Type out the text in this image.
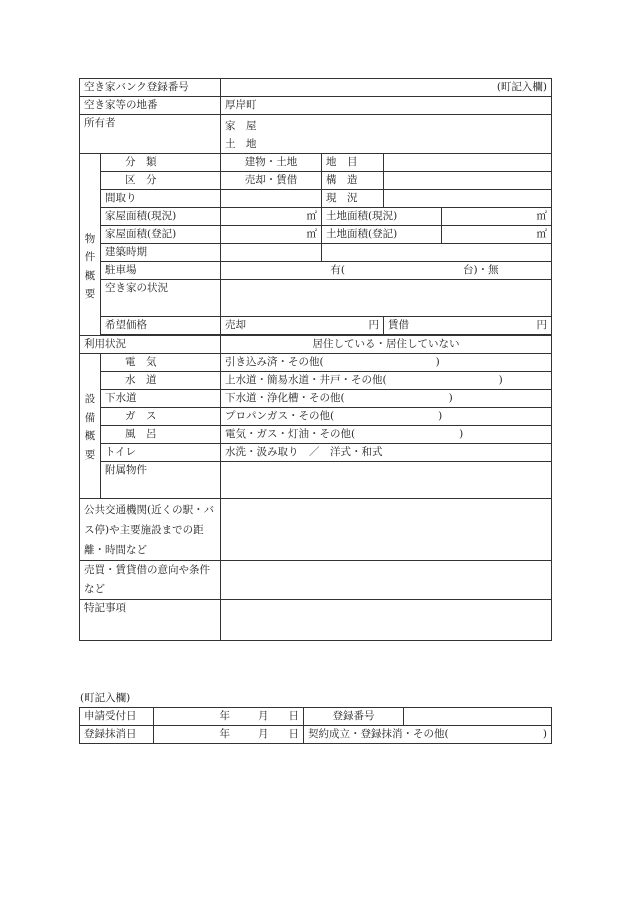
空き家バンク登録番号		(町記入欄)			
空き家等の地番		厚岸町			
所有者		家　屋
土　地			

物
件
概
要	分　類	建物・土地	地　目		
	区　分	売却・賃借	構　造		
	間取り		現　況		
	家屋面積(現況)	㎡	土地面積(現況)		㎡
	家屋面積(登記)	㎡	土地面積(登記)		㎡
	建築時期				
	駐車場	有( 台)・無			
	空き家の状況				
	希望価格	売却 円		賃借 円	

利用状況		居住している・居住していない			

設
備
概
要	電　気	引き込み済・その他( )			
	水　道	上水道・簡易水道・井戸・その他( )			
	下水道	下水道・浄化槽・その他( )			
	ガ　ス	プロパンガス・その他( )			
	風　呂	電気・ガス・灯油・その他( )			
	トイレ	水洗・汲み取り　／　洋式・和式			
	附属物件				
公共交通機関(近くの駅・バス停)や主要施設までの距離・時間など					
売買・賃貸借の意向や条件など					
特記事項					
(町記入欄)
申請受付日	年 月 日	登録番号	
登録抹消日	年 月 日	契約成立・登録抹消・その他( )	
